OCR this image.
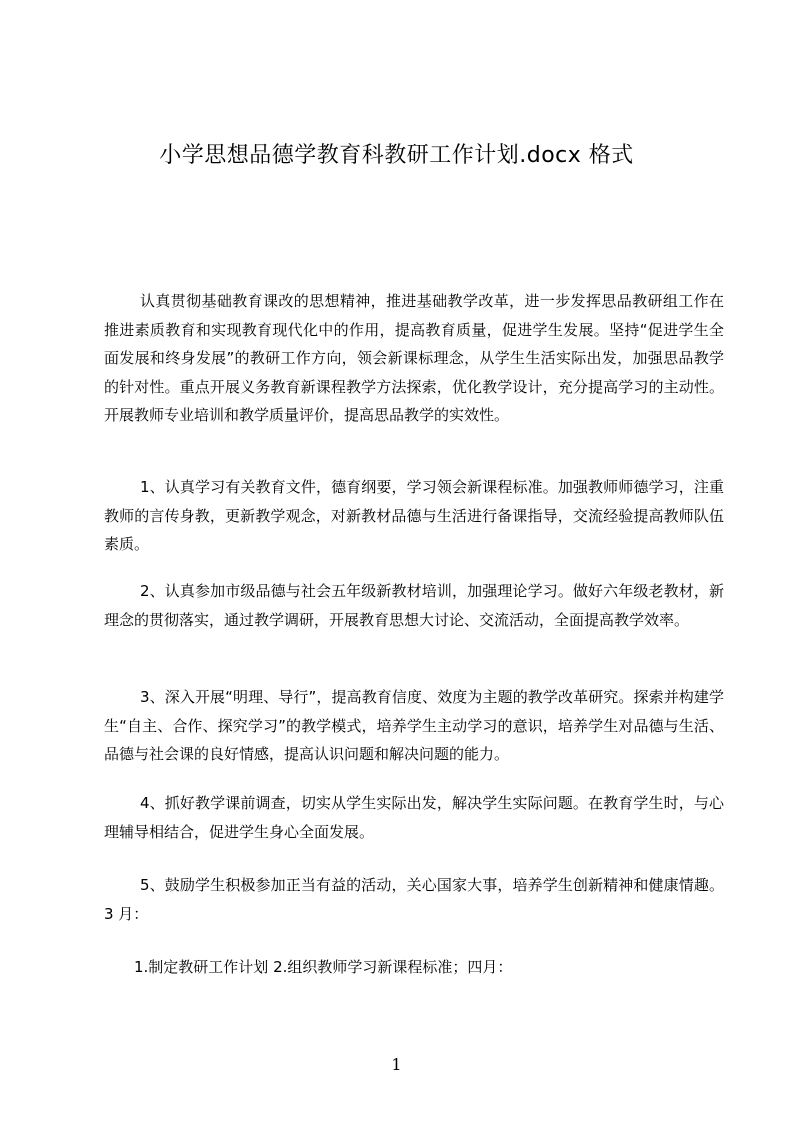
小学思想品德学教育科教研工作计划.docx 格式

认真贯彻基础教育课改的思想精神，推进基础教学改革，进一步发挥思品教研组工作在推进素质教育和实现教育现代化中的作用，提高教育质量，促进学生发展。坚持“促进学生全面发展和终身发展”的教研工作方向，领会新课标理念，从学生生活实际出发，加强思品教学的针对性。重点开展义务教育新课程教学方法探索，优化教学设计，充分提高学习的主动性。开展教师专业培训和教学质量评价，提高思品教学的实效性。

1、认真学习有关教育文件，德育纲要，学习领会新课程标准。加强教师师德学习，注重教师的言传身教，更新教学观念，对新教材品德与生活进行备课指导，交流经验提高教师队伍素质。

2、认真参加市级品德与社会五年级新教材培训，加强理论学习。做好六年级老教材，新理念的贯彻落实，通过教学调研，开展教育思想大讨论、交流活动，全面提高教学效率。

3、深入开展“明理、导行”，提高教育信度、效度为主题的教学改革研究。探索并构建学生“自主、合作、探究学习”的教学模式，培养学生主动学习的意识，培养学生对品德与生活、品德与社会课的良好情感，提高认识问题和解决问题的能力。

4、抓好教学课前调查，切实从学生实际出发，解决学生实际问题。在教育学生时，与心理辅导相结合，促进学生身心全面发展。

5、鼓励学生积极参加正当有益的活动，关心国家大事，培养学生创新精神和健康情趣。3 月：

1.制定教研工作计划 2.组织教师学习新课程标准；四月：

1
